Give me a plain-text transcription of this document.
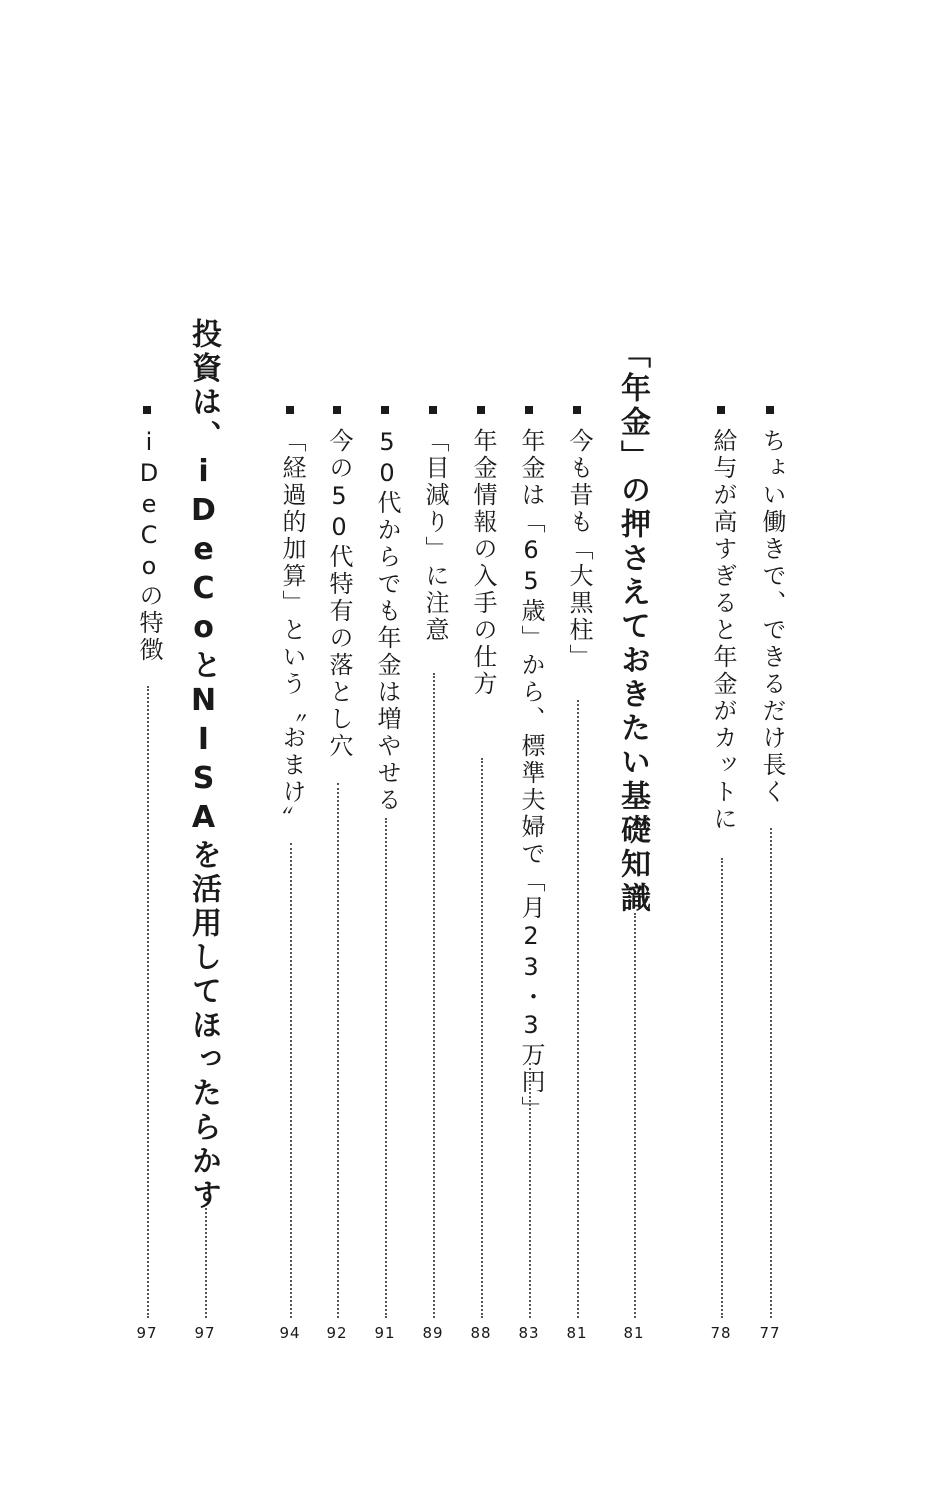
ちょい働きで、できるだけ長く
77
給与が高すぎると年金がカットに
78
「年金」の押さえておきたい基礎知識
81
今も昔も「大黒柱」
81
年金は「65歳」から、標準夫婦で「月23・3万円」
83
年金情報の入手の仕方
88
「目減り」に注意
89
50代からでも年金は増やせる
91
今の50代特有の落とし穴
92
「経過的加算」という〝おまけ〟
94
投資は、iDeCoとNISAを活用してほったらかす
97
iDeCoの特徴
97
